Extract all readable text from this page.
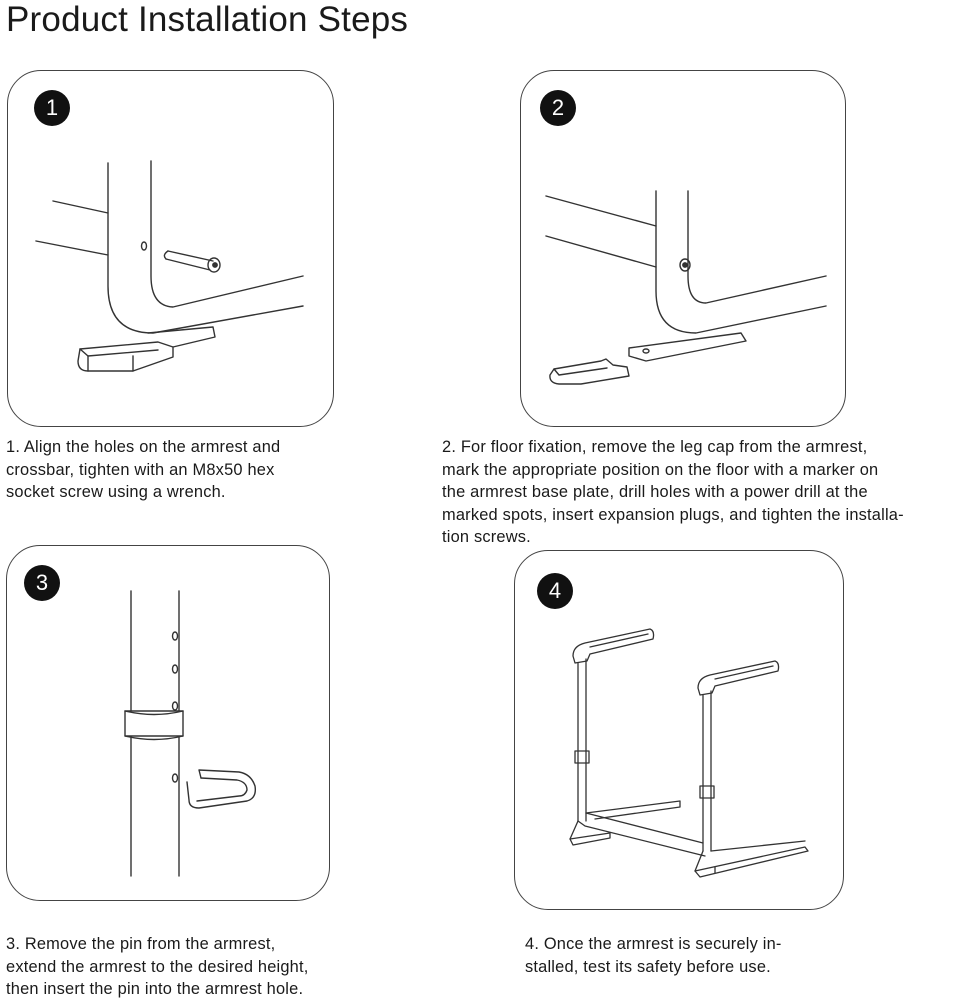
Product Installation Steps
1

1. Align the holes on the armrest and
crossbar, tighten with an M8x50 hex
socket screw using a wrench.

2

2. For floor fixation, remove the leg cap from the armrest,
mark the appropriate position on the floor with a marker on
the armrest base plate, drill holes with a power drill at the
marked spots, insert expansion plugs, and tighten the installa-
tion screws.

3

3. Remove the pin from the armrest,
extend the armrest to the desired height,
then insert the pin into the armrest hole.

4

4. Once the armrest is securely in-
stalled, test its safety before use.
